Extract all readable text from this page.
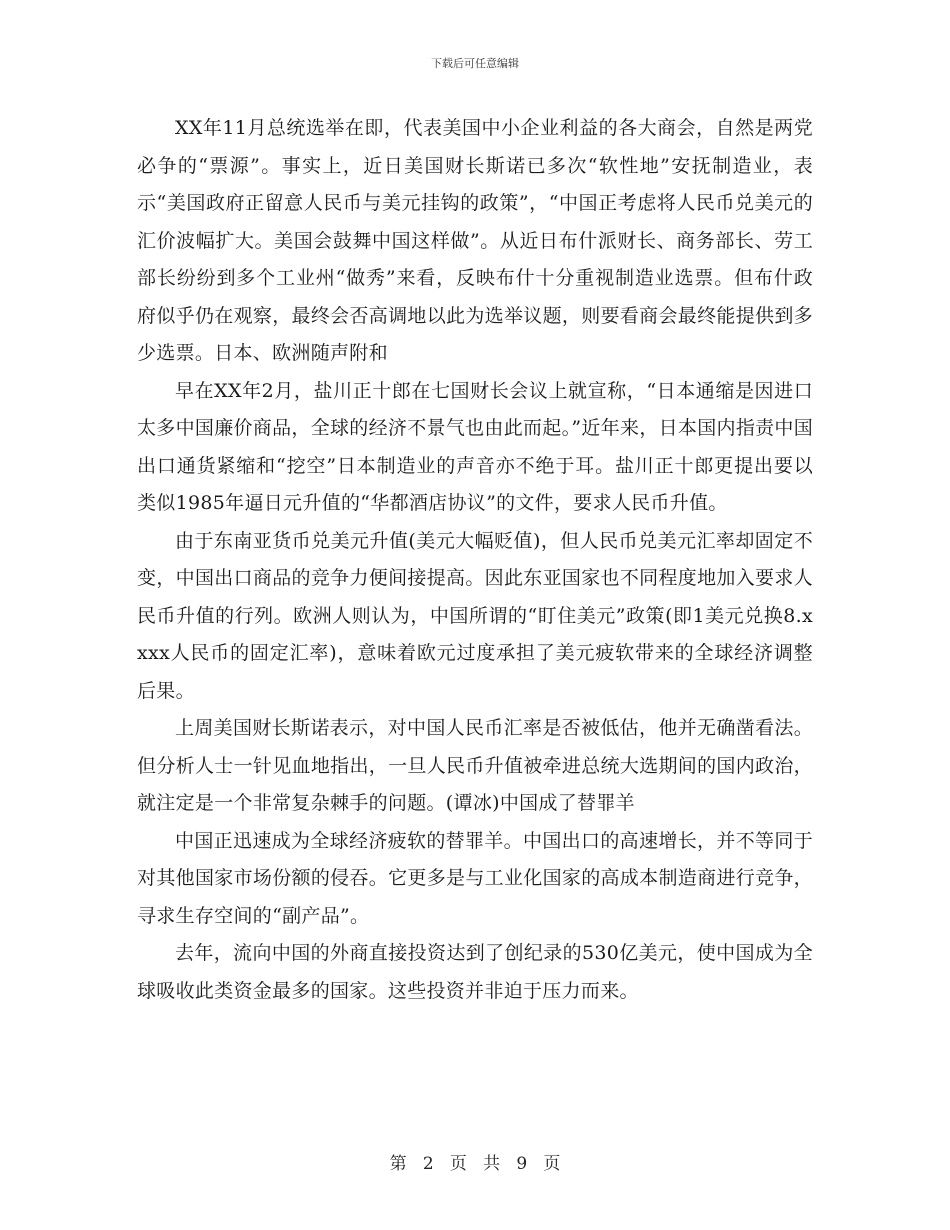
下载后可任意编辑

XX年11月总统选举在即，代表美国中小企业利益的各大商会，自然是两党必争的“票源”。事实上，近日美国财长斯诺已多次“软性地”安抚制造业，表示“美国政府正留意人民币与美元挂钩的政策”，“中国正考虑将人民币兑美元的汇价波幅扩大。美国会鼓舞中国这样做”。从近日布什派财长、商务部长、劳工部长纷纷到多个工业州“做秀”来看，反映布什十分重视制造业选票。但布什政府似乎仍在观察，最终会否高调地以此为选举议题，则要看商会最终能提供到多少选票。日本、欧洲随声附和

早在XX年2月，盐川正十郎在七国财长会议上就宣称，“日本通缩是因进口太多中国廉价商品，全球的经济不景气也由此而起。”近年来，日本国内指责中国出口通货紧缩和“挖空”日本制造业的声音亦不绝于耳。盐川正十郎更提出要以类似1985年逼日元升值的“华都酒店协议”的文件，要求人民币升值。

由于东南亚货币兑美元升值(美元大幅贬值)，但人民币兑美元汇率却固定不变，中国出口商品的竞争力便间接提高。因此东亚国家也不同程度地加入要求人民币升值的行列。欧洲人则认为，中国所谓的“盯住美元”政策(即1美元兑换8.xxxx人民币的固定汇率)，意味着欧元过度承担了美元疲软带来的全球经济调整后果。

上周美国财长斯诺表示，对中国人民币汇率是否被低估，他并无确凿看法。但分析人士一针见血地指出，一旦人民币升值被牵进总统大选期间的国内政治，就注定是一个非常复杂棘手的问题。(谭冰)中国成了替罪羊

中国正迅速成为全球经济疲软的替罪羊。中国出口的高速增长，并不等同于对其他国家市场份额的侵吞。它更多是与工业化国家的高成本制造商进行竞争，寻求生存空间的“副产品”。

去年，流向中国的外商直接投资达到了创纪录的530亿美元，使中国成为全球吸收此类资金最多的国家。这些投资并非迫于压力而来。

第 2 页 共 9 页
